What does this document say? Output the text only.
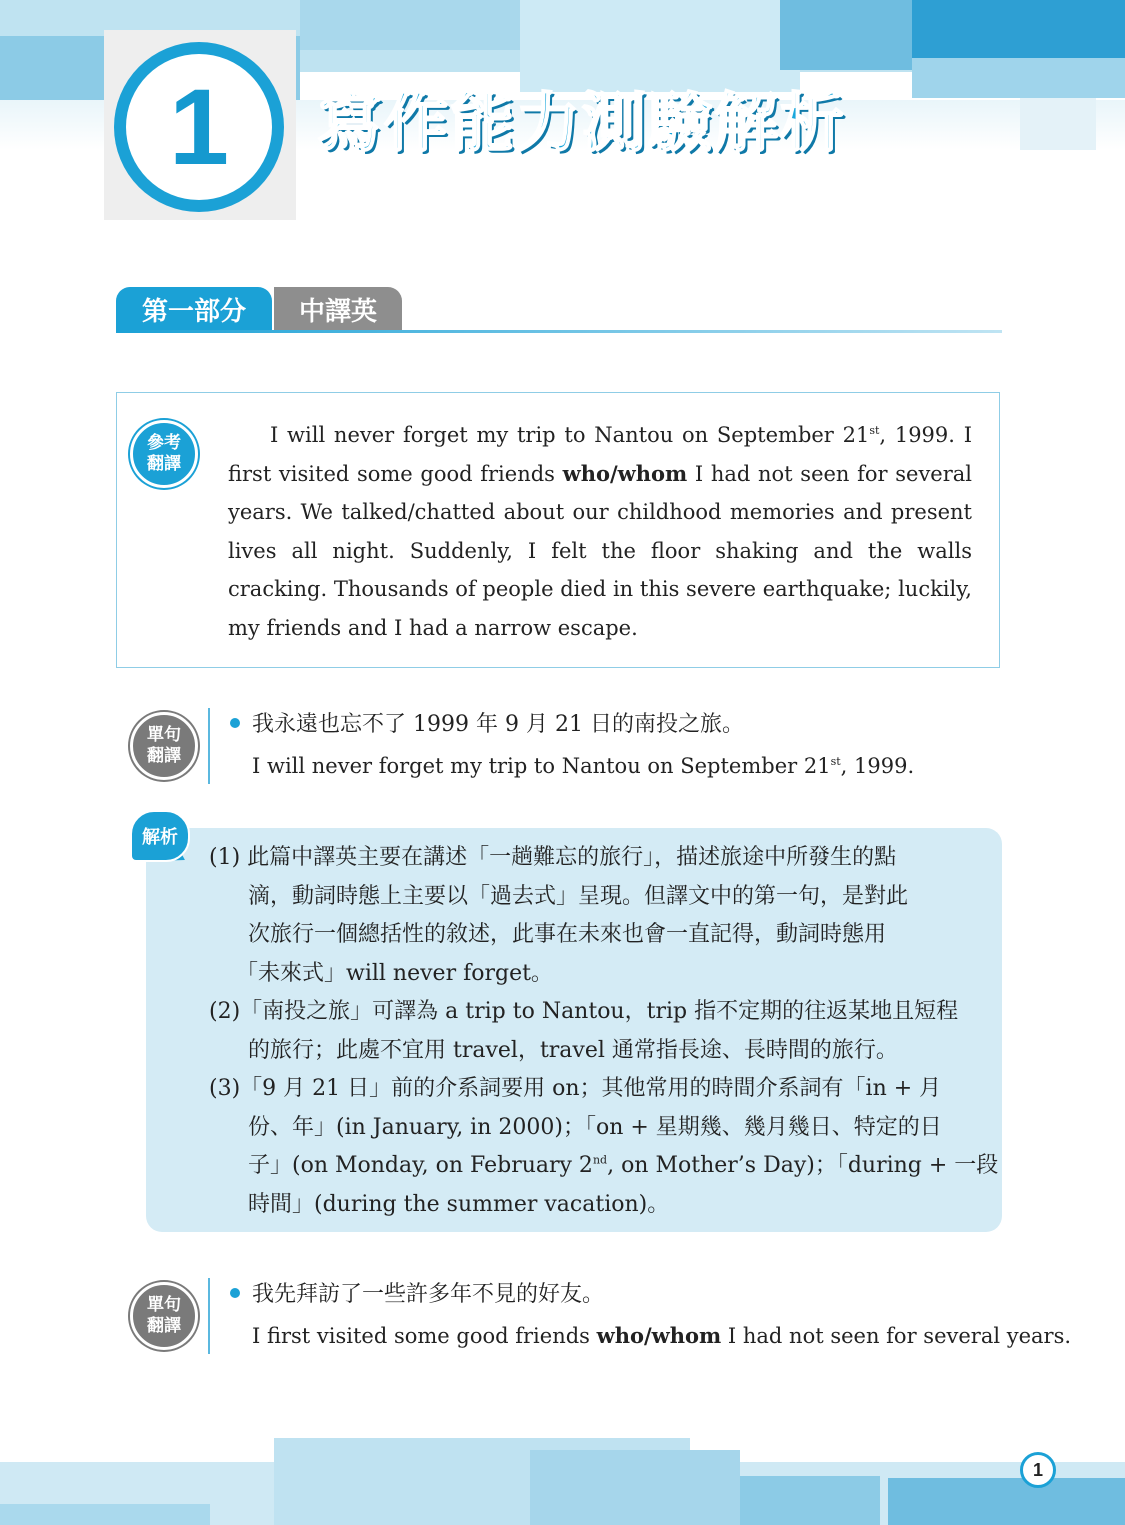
1	寫作能力測驗解析
第一部分	中譯英
參考
翻譯
I will never forget my trip to Nantou on September 21st, 1999. I first visited some good friends who/whom I had not seen for several years. We talked/chatted about our childhood memories and present lives all night. Suddenly, I felt the floor shaking and the walls cracking. Thousands of people died in this severe earthquake; luckily, my friends and I had a narrow escape.
單句
翻譯
我永遠也忘不了 1999 年 9 月 21 日的南投之旅。
I will never forget my trip to Nantou on September 21st, 1999.
解析
(1) 此篇中譯英主要在講述「一趟難忘的旅行」，描述旅途中所發生的點
滴，動詞時態上主要以「過去式」呈現。但譯文中的第一句，是對此
次旅行一個總括性的敘述，此事在未來也會一直記得，動詞時態用
「未來式」will never forget。
(2)「南投之旅」可譯為 a trip to Nantou，trip 指不定期的往返某地且短程
的旅行；此處不宜用 travel，travel 通常指長途、長時間的旅行。
(3)「9 月 21 日」前的介系詞要用 on；其他常用的時間介系詞有「in + 月
份、年」(in January, in 2000)；「on + 星期幾、幾月幾日、特定的日
子」(on Monday, on February 2nd, on Mother’s Day)；「during + 一段
時間」(during the summer vacation)。
單句
翻譯
我先拜訪了一些許多年不見的好友。
I first visited some good friends who/whom I had not seen for several years.
1
